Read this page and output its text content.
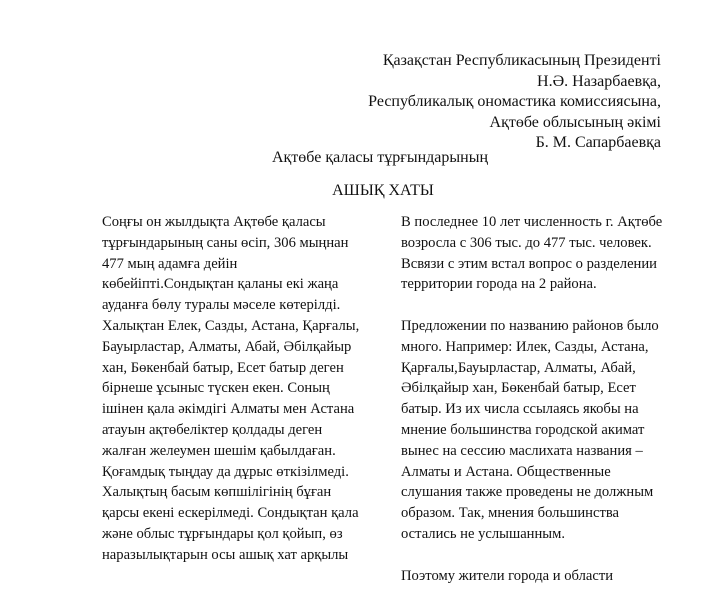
Қазақстан Республикасының Президенті
Н.Ә. Назарбаевқа,
Республикалық ономастика комиссиясына,
Ақтөбе облысының әкімі
Б. М. Сапарбаевқа
Ақтөбе қаласы тұрғындарының
АШЫҚ ХАТЫ

Соңғы он жылдықта Ақтөбе қаласы
тұрғындарының саны өсіп, 306 мыңнан
477 мың адамға дейін
көбейіпті.Сондықтан қаланы екі жаңа
ауданға бөлу туралы мәселе көтерілді.
Халықтан Елек, Сазды, Астана, Қарғалы,
Бауырластар, Алматы, Абай, Әбілқайыр
хан, Бөкенбай батыр, Есет батыр деген
бірнеше ұсыныс түскен екен. Соның
ішінен қала әкімдігі Алматы мен Астана
атауын ақтөбеліктер қолдады деген
жалған желеумен шешім қабылдаған.
Қоғамдық тыңдау да дұрыс өткізілмеді.
Халықтың басым көпшілігінің бұған
қарсы екені ескерілмеді. Сондықтан қала
және облыс тұрғындары қол қойып, өз
наразылықтарын осы ашық хат арқылы

В последнее 10 лет численность г. Ақтөбе
возросла с 306 тыс. до 477 тыс. человек.
Всвязи с этим встал вопрос о разделении
территории города на 2 района.

Предложении по названию районов было
много. Например: Илек, Сазды, Астана,
Қарғалы,Бауырластар, Алматы, Абай,
Әбілқайыр хан, Бөкенбай батыр, Есет
батыр. Из их числа ссылаясь якобы на
мнение большинства городской акимат
вынес на сессию маслихата названия –
Алматы и Астана. Общественные
слушания также проведены не должным
образом. Так, мнения большинства
остались не услышанным.

Поэтому жители города и области
